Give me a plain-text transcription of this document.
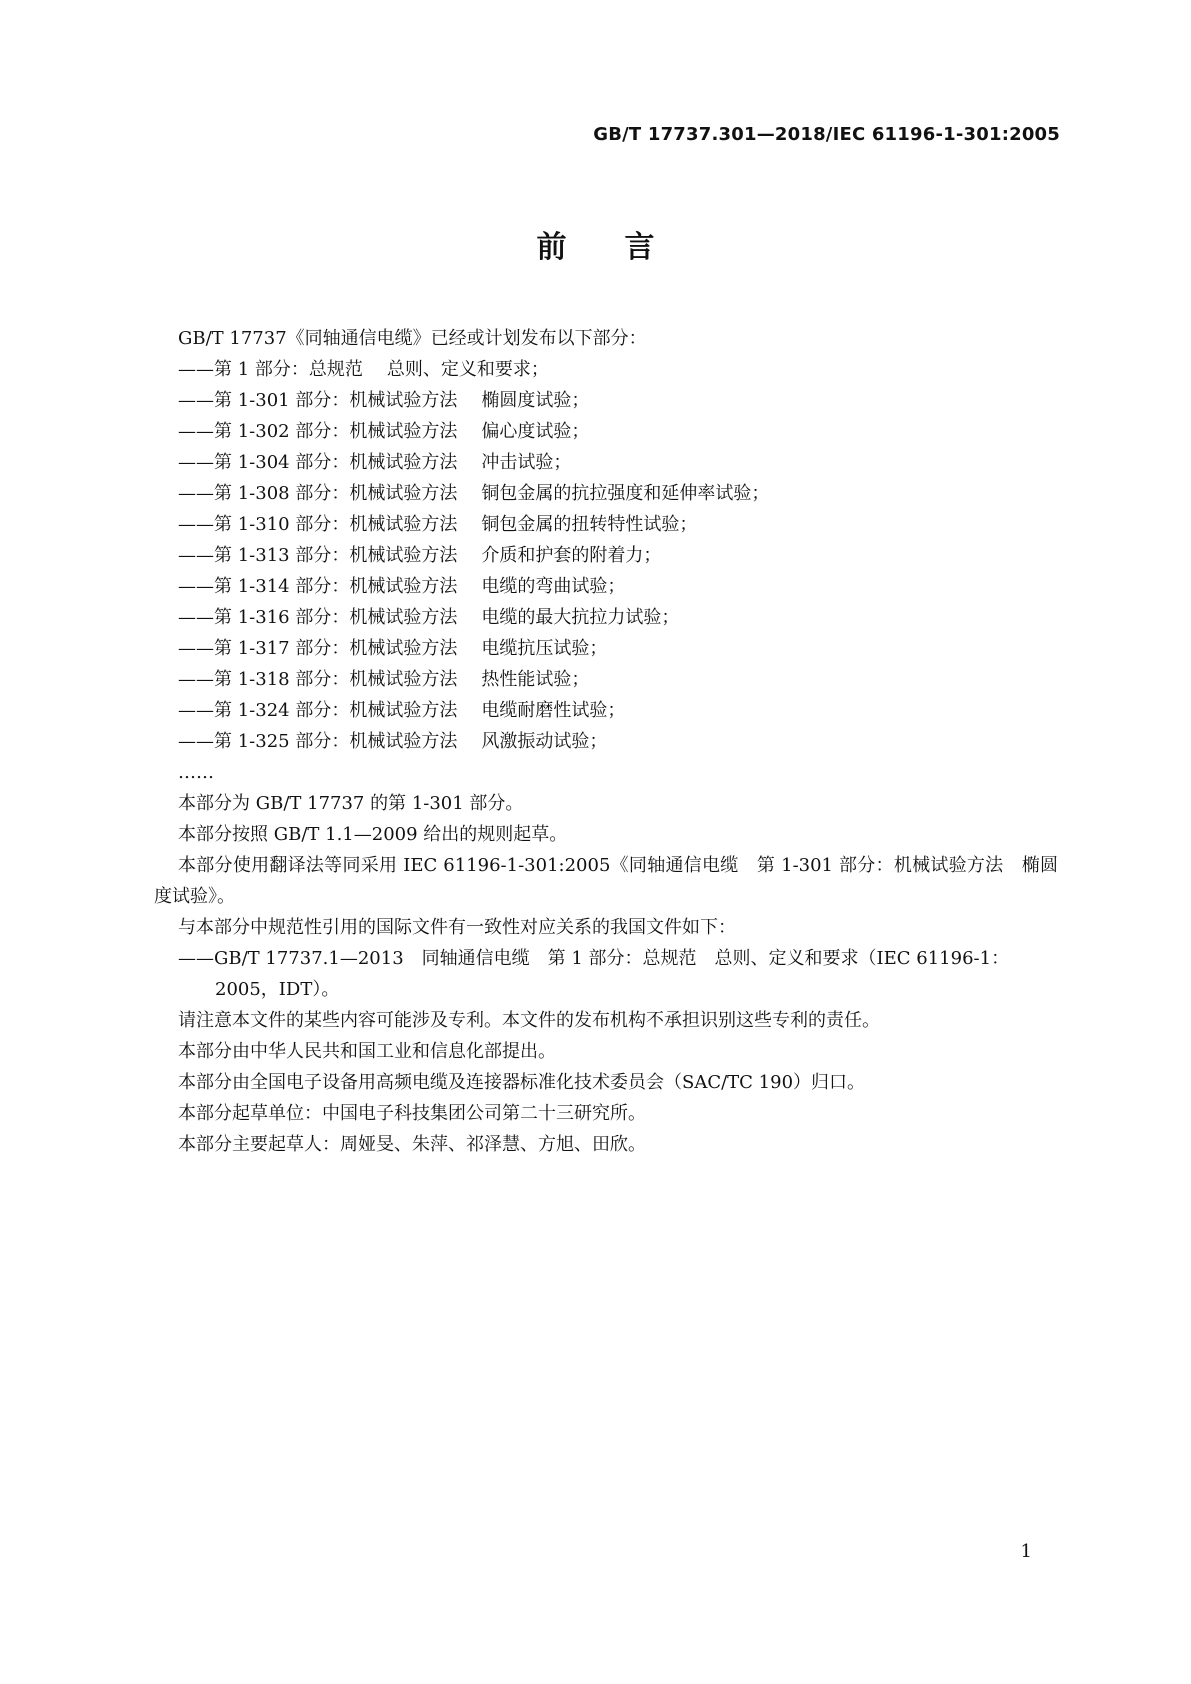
GB/T 17737.301—2018/IEC 61196-1-301:2005
前言
GB/T 17737《同轴通信电缆》已经或计划发布以下部分：
——第 1 部分：总规范 总则、定义和要求；
——第 1-301 部分：机械试验方法 椭圆度试验；
——第 1-302 部分：机械试验方法 偏心度试验；
——第 1-304 部分：机械试验方法 冲击试验；
——第 1-308 部分：机械试验方法 铜包金属的抗拉强度和延伸率试验；
——第 1-310 部分：机械试验方法 铜包金属的扭转特性试验；
——第 1-313 部分：机械试验方法 介质和护套的附着力；
——第 1-314 部分：机械试验方法 电缆的弯曲试验；
——第 1-316 部分：机械试验方法 电缆的最大抗拉力试验；
——第 1-317 部分：机械试验方法 电缆抗压试验；
——第 1-318 部分：机械试验方法 热性能试验；
——第 1-324 部分：机械试验方法 电缆耐磨性试验；
——第 1-325 部分：机械试验方法 风激振动试验；
……
本部分为 GB/T 17737 的第 1-301 部分。
本部分按照 GB/T 1.1—2009 给出的规则起草。
本部分使用翻译法等同采用 IEC 61196-1-301:2005《同轴通信电缆　第 1-301 部分：机械试验方法　椭圆度试验》。
与本部分中规范性引用的国际文件有一致性对应关系的我国文件如下：
——GB/T 17737.1—2013　同轴通信电缆　第 1 部分：总规范　总则、定义和要求（IEC 61196-1：
2005，IDT）。
请注意本文件的某些内容可能涉及专利。本文件的发布机构不承担识别这些专利的责任。
本部分由中华人民共和国工业和信息化部提出。
本部分由全国电子设备用高频电缆及连接器标准化技术委员会（SAC/TC 190）归口。
本部分起草单位：中国电子科技集团公司第二十三研究所。
本部分主要起草人：周娅旻、朱萍、祁泽慧、方旭、田欣。
1
